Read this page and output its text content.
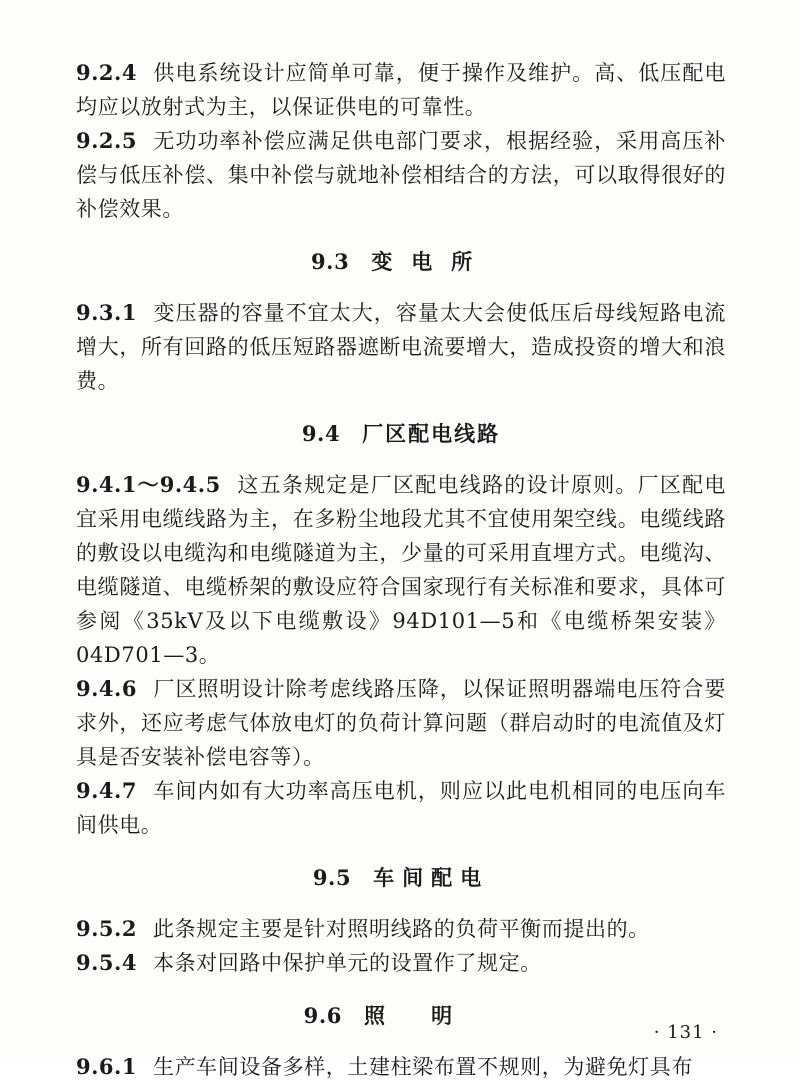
9.2.4 供电系统设计应简单可靠，便于操作及维护。高、低压配电均应以放射式为主，以保证供电的可靠性。

9.2.5 无功功率补偿应满足供电部门要求，根据经验，采用高压补偿与低压补偿、集中补偿与就地补偿相结合的方法，可以取得很好的补偿效果。

9.3 变电所

9.3.1 变压器的容量不宜太大，容量太大会使低压后母线短路电流增大，所有回路的低压短路器遮断电流要增大，造成投资的增大和浪费。

9.4 厂区配电线路

9.4.1～9.4.5 这五条规定是厂区配电线路的设计原则。厂区配电宜采用电缆线路为主，在多粉尘地段尤其不宜使用架空线。电缆线路的敷设以电缆沟和电缆隧道为主，少量的可采用直埋方式。电缆沟、电缆隧道、电缆桥架的敷设应符合国家现行有关标准和要求，具体可参阅《35kV及以下电缆敷设》94D101—5和《电缆桥架安装》04D701—3。

9.4.6 厂区照明设计除考虑线路压降，以保证照明器端电压符合要求外，还应考虑气体放电灯的负荷计算问题（群启动时的电流值及灯具是否安装补偿电容等）。

9.4.7 车间内如有大功率高压电机，则应以此电机相同的电压向车间供电。

9.5 车间配电

9.5.2 此条规定主要是针对照明线路的负荷平衡而提出的。

9.5.4 本条对回路中保护单元的设置作了规定。

9.6 照明

9.6.1 生产车间设备多样，土建柱梁布置不规则，为避免灯具布

· 131 ·
